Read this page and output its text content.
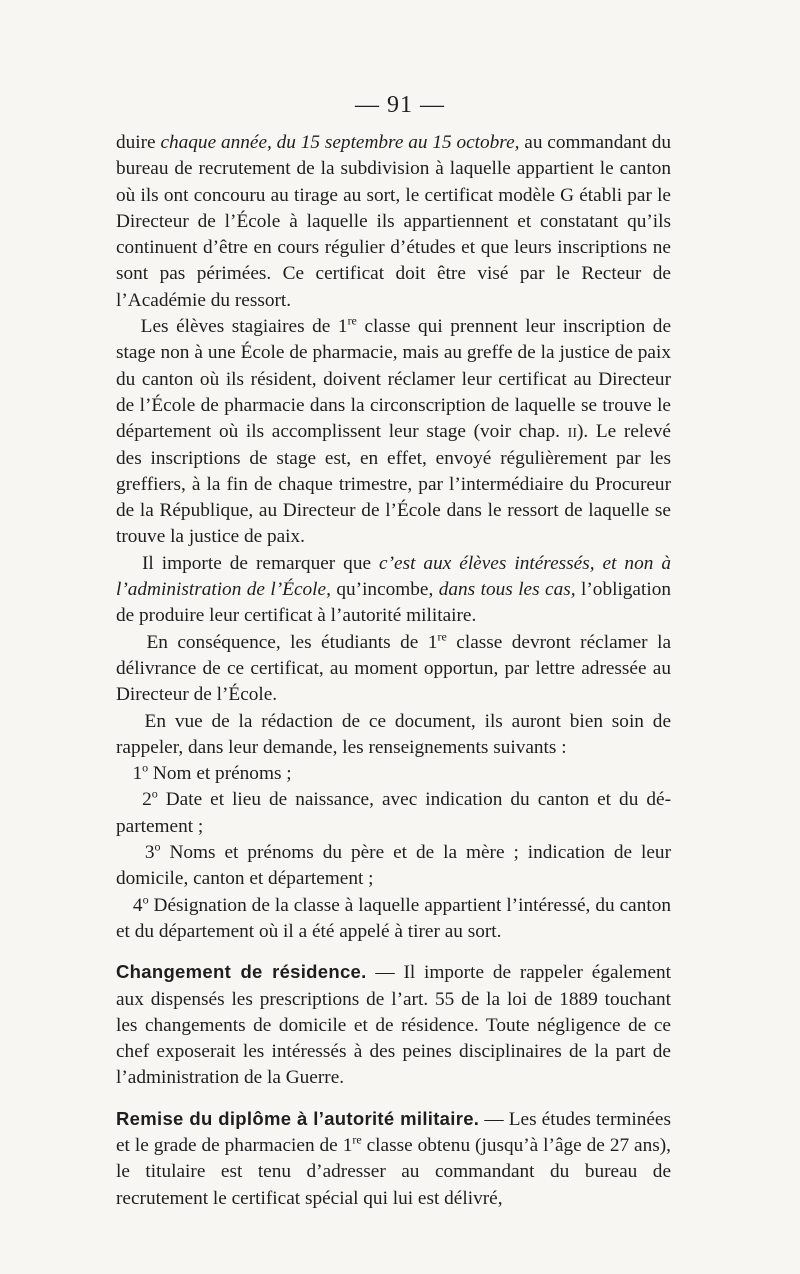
— 91 —

duire chaque année, du 15 septembre au 15 octobre, au commandant du bureau de recrutement de la subdivision à laquelle appartient le canton où ils ont concouru au tirage au sort, le certificat modèle G établi par le Directeur de l’École à laquelle ils appartiennent et constatant qu’ils continuent d’être en cours régulier d’études et que leurs inscriptions ne sont pas périmées. Ce certificat doit être visé par le Recteur de l’Académie du ressort.

Les élèves stagiaires de 1re classe qui prennent leur inscription de stage non à une École de pharmacie, mais au greffe de la justice de paix du canton où ils résident, doivent réclamer leur certificat au Directeur de l’École de pharmacie dans la circonscription de laquelle se trouve le département où ils accomplissent leur stage (voir chap. ii). Le relevé des inscriptions de stage est, en effet, envoyé régulièrement par les greffiers, à la fin de chaque trimestre, par l’intermédiaire du Procureur de la République, au Directeur de l’École dans le ressort de laquelle se trouve la justice de paix.

Il importe de remarquer que c’est aux élèves intéressés, et non à l’administration de l’École, qu’incombe, dans tous les cas, l’obligation de produire leur certificat à l’autorité militaire.

En conséquence, les étudiants de 1re classe devront réclamer la délivrance de ce certificat, au moment opportun, par lettre adressée au Directeur de l’École.

En vue de la rédaction de ce document, ils auront bien soin de rappeler, dans leur demande, les renseignements suivants :

1$^o$ Nom et prénoms ;

2$^o$ Date et lieu de naissance, avec indication du canton et du département ;

3$^o$ Noms et prénoms du père et de la mère ; indication de leur domicile, canton et département ;

4$^o$ Désignation de la classe à laquelle appartient l’intéressé, du canton et du département où il a été appelé à tirer au sort.

Changement de résidence. — Il importe de rappeler également aux dispensés les prescriptions de l’art. 55 de la loi de 1889 touchant les changements de domicile et de résidence. Toute négligence de ce chef exposerait les intéressés à des peines disciplinaires de la part de l’administration de la Guerre.

Remise du diplôme à l’autorité militaire. — Les études terminées et le grade de pharmacien de 1re classe obtenu (jusqu’à l’âge de 27 ans), le titulaire est tenu d’adresser au commandant du bureau de recrutement le certificat spécial qui lui est délivré,
